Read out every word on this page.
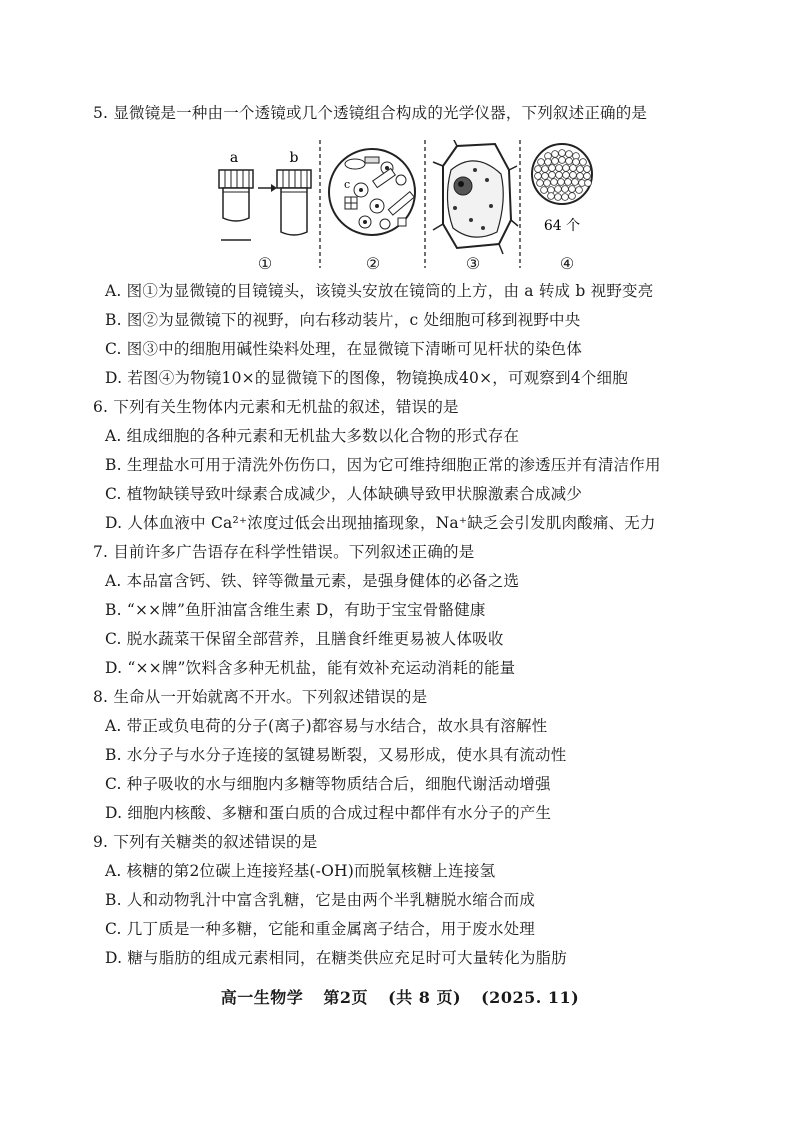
5. 显微镜是一种由一个透镜或几个透镜组合构成的光学仪器，下列叙述正确的是
a	b
c
64 个
①	②	③	④
A. 图①为显微镜的目镜镜头，该镜头安放在镜筒的上方，由 a 转成 b 视野变亮
B. 图②为显微镜下的视野，向右移动装片，c 处细胞可移到视野中央
C. 图③中的细胞用碱性染料处理，在显微镜下清晰可见杆状的染色体
D. 若图④为物镜10×的显微镜下的图像，物镜换成40×，可观察到4个细胞
6. 下列有关生物体内元素和无机盐的叙述，错误的是
A. 组成细胞的各种元素和无机盐大多数以化合物的形式存在
B. 生理盐水可用于清洗外伤伤口，因为它可维持细胞正常的渗透压并有清洁作用
C. 植物缺镁导致叶绿素合成减少，人体缺碘导致甲状腺激素合成减少
D. 人体血液中 Ca²⁺浓度过低会出现抽搐现象，Na⁺缺乏会引发肌肉酸痛、无力
7. 目前许多广告语存在科学性错误。下列叙述正确的是
A. 本品富含钙、铁、锌等微量元素，是强身健体的必备之选
B. “××牌”鱼肝油富含维生素 D，有助于宝宝骨骼健康
C. 脱水蔬菜干保留全部营养，且膳食纤维更易被人体吸收
D. “××牌”饮料含多种无机盐，能有效补充运动消耗的能量
8. 生命从一开始就离不开水。下列叙述错误的是
A. 带正或负电荷的分子(离子)都容易与水结合，故水具有溶解性
B. 水分子与水分子连接的氢键易断裂，又易形成，使水具有流动性
C. 种子吸收的水与细胞内多糖等物质结合后，细胞代谢活动增强
D. 细胞内核酸、多糖和蛋白质的合成过程中都伴有水分子的产生
9. 下列有关糖类的叙述错误的是
A. 核糖的第2位碳上连接羟基(-OH)而脱氧核糖上连接氢
B. 人和动物乳汁中富含乳糖，它是由两个半乳糖脱水缩合而成
C. 几丁质是一种多糖，它能和重金属离子结合，用于废水处理
D. 糖与脂肪的组成元素相同，在糖类供应充足时可大量转化为脂肪
高一生物学 第2页 (共 8 页) (2025. 11)
